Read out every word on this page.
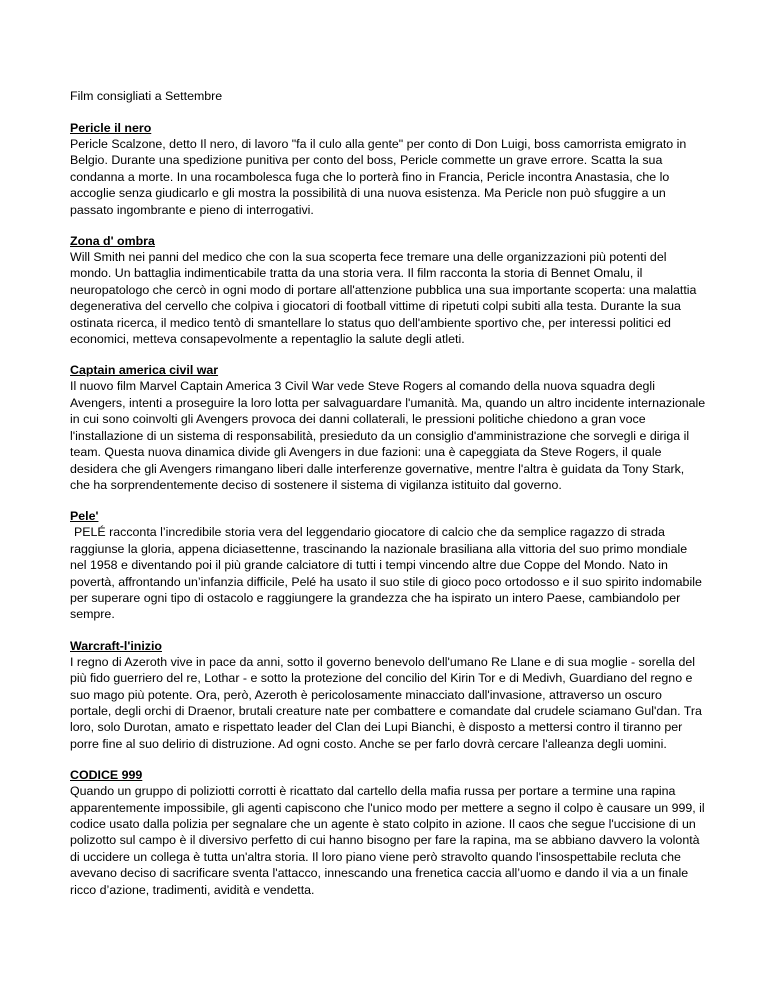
Film consigliati a Settembre

Pericle il nero

Pericle Scalzone, detto Il nero, di lavoro "fa il culo alla gente" per conto di Don Luigi, boss camorrista emigrato in Belgio. Durante una spedizione punitiva per conto del boss, Pericle commette un grave errore. Scatta la sua condanna a morte. In una rocambolesca fuga che lo porterà fino in Francia, Pericle incontra Anastasia, che lo accoglie senza giudicarlo e gli mostra la possibilità di una nuova esistenza. Ma Pericle non può sfuggire a un passato ingombrante e pieno di interrogativi.

Zona d' ombra

Will Smith nei panni del medico che con la sua scoperta fece tremare una delle organizzazioni più potenti del mondo. Un battaglia indimenticabile tratta da una storia vera. Il film racconta la storia di Bennet Omalu, il neuropatologo che cercò in ogni modo di portare all'attenzione pubblica una sua importante scoperta: una malattia degenerativa del cervello che colpiva i giocatori di football vittime di ripetuti colpi subiti alla testa. Durante la sua ostinata ricerca, il medico tentò di smantellare lo status quo dell'ambiente sportivo che, per interessi politici ed economici, metteva consapevolmente a repentaglio la salute degli atleti.

Captain america civil war

Il nuovo film Marvel Captain America 3 Civil War vede Steve Rogers al comando della nuova squadra degli Avengers, intenti a proseguire la loro lotta per salvaguardare l'umanità. Ma, quando un altro incidente internazionale in cui sono coinvolti gli Avengers provoca dei danni collaterali, le pressioni politiche chiedono a gran voce l'installazione di un sistema di responsabilità, presieduto da un consiglio d'amministrazione che sorvegli e diriga il team. Questa nuova dinamica divide gli Avengers in due fazioni: una è capeggiata da Steve Rogers, il quale desidera che gli Avengers rimangano liberi dalle interferenze governative, mentre l'altra è guidata da Tony Stark, che ha sorprendentemente deciso di sostenere il sistema di vigilanza istituito dal governo.

Pele'

PELÉ racconta l’incredibile storia vera del leggendario giocatore di calcio che da semplice ragazzo di strada raggiunse la gloria, appena diciasettenne, trascinando la nazionale brasiliana alla vittoria del suo primo mondiale nel 1958 e diventando poi il più grande calciatore di tutti i tempi vincendo altre due Coppe del Mondo. Nato in povertà, affrontando un’infanzia difficile, Pelé ha usato il suo stile di gioco poco ortodosso e il suo spirito indomabile per superare ogni tipo di ostacolo e raggiungere la grandezza che ha ispirato un intero Paese, cambiandolo per sempre.

Warcraft-l'inizio

I regno di Azeroth vive in pace da anni, sotto il governo benevolo dell'umano Re Llane e di sua moglie - sorella del più fido guerriero del re, Lothar - e sotto la protezione del concilio del Kirin Tor e di Medivh, Guardiano del regno e suo mago più potente. Ora, però, Azeroth è pericolosamente minacciato dall'invasione, attraverso un oscuro portale, degli orchi di Draenor, brutali creature nate per combattere e comandate dal crudele sciamano Gul'dan. Tra loro, solo Durotan, amato e rispettato leader del Clan dei Lupi Bianchi, è disposto a mettersi contro il tiranno per porre fine al suo delirio di distruzione. Ad ogni costo. Anche se per farlo dovrà cercare l'alleanza degli uomini.

CODICE 999

Quando un gruppo di poliziotti corrotti è ricattato dal cartello della mafia russa per portare a termine una rapina apparentemente impossibile, gli agenti capiscono che l'unico modo per mettere a segno il colpo è causare un 999, il codice usato dalla polizia per segnalare che un agente è stato colpito in azione. Il caos che segue l'uccisione di un polizotto sul campo è il diversivo perfetto di cui hanno bisogno per fare la rapina, ma se abbiano davvero la volontà di uccidere un collega è tutta un'altra storia. Il loro piano viene però stravolto quando l'insospettabile recluta che avevano deciso di sacrificare sventa l'attacco, innescando una frenetica caccia all’uomo e dando il via a un finale ricco d’azione, tradimenti, avidità e vendetta.
